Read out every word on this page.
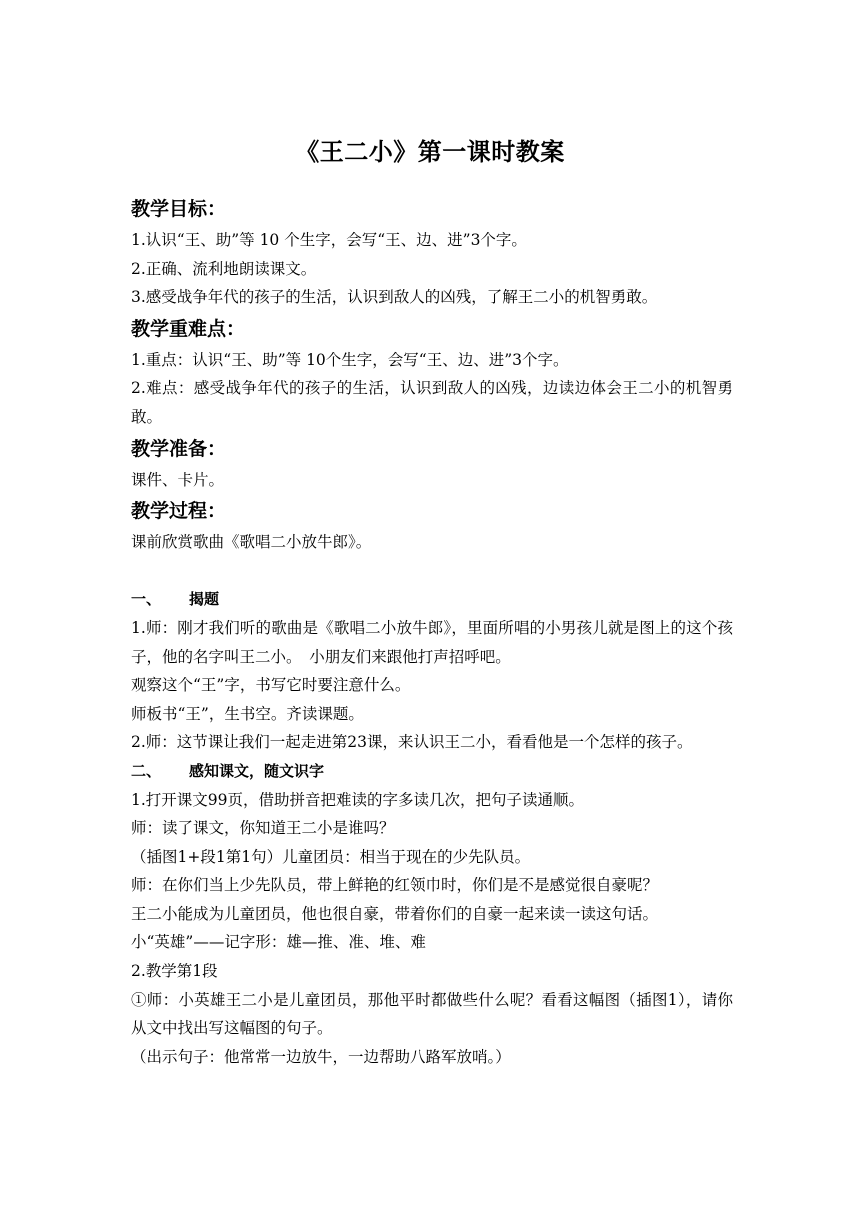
《王二小》第一课时教案
教学目标：

1.认识“王、助”等 10 个生字，会写“王、边、进”3个字。

2.正确、流利地朗读课文。

3.感受战争年代的孩子的生活，认识到敌人的凶残，了解王二小的机智勇敢。

教学重难点：

1.重点：认识“王、助”等 10个生字，会写“王、边、进”3个字。

2.难点：感受战争年代的孩子的生活，认识到敌人的凶残，边读边体会王二小的机智勇敢。

教学准备：

课件、卡片。

教学过程：

课前欣赏歌曲《歌唱二小放牛郎》。

一、 揭题

1.师：刚才我们听的歌曲是《歌唱二小放牛郎》，里面所唱的小男孩儿就是图上的这个孩子，他的名字叫王二小。　小朋友们来跟他打声招呼吧。

观察这个“王”字，书写它时要注意什么。

师板书“王”，生书空。齐读课题。

2.师：这节课让我们一起走进第23课，来认识王二小，看看他是一个怎样的孩子。

二、 感知课文，随文识字

1.打开课文99页，借助拼音把难读的字多读几次，把句子读通顺。

师：读了课文，你知道王二小是谁吗？

（插图1+段1第1句）儿童团员：相当于现在的少先队员。

师：在你们当上少先队员，带上鲜艳的红领巾时，你们是不是感觉很自豪呢？

王二小能成为儿童团员，他也很自豪，带着你们的自豪一起来读一读这句话。

小“英雄”——记字形：雄—推、准、堆、难

2.教学第1段

①师：小英雄王二小是儿童团员，那他平时都做些什么呢？看看这幅图（插图1），请你从文中找出写这幅图的句子。

（出示句子：他常常一边放牛，一边帮助八路军放哨。）
